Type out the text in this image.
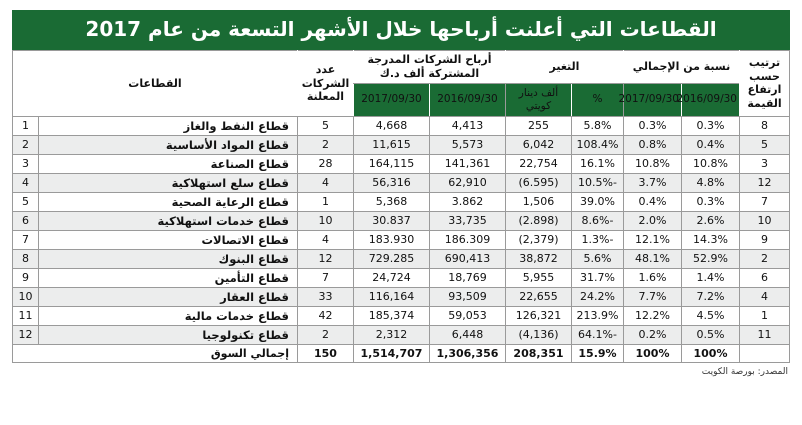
القطاعات التي أعلنت أرباحها خلال الأشهر التسعة من عام 2017
ترتيب حسب ارتفاع القيمة	نسبة من الإجمالي		التغير		أرباح الشركات المدرجة المشتركة ألف د.ك		عدد الشركات المعلنة	القطاعات	
	2016/09/30	2017/09/30	%	ألف دينار كويتي	2016/09/30	2017/09/30			
8	0.3%	0.3%	5.8%	255	4,413	4,668	5	قطاع النفط والغاز	1
5	0.4%	0.8%	108.4%	6,042	5,573	11,615	2	قطاع المواد الأساسية	2
3	10.8%	10.8%	16.1%	22,754	141,361	164,115	28	قطاع الصناعة	3
12	4.8%	3.7%	-10.5%	(6.595)	62,910	56,316	4	قطاع سلع استهلاكية	4
7	0.3%	0.4%	39.0%	1,506	3.862	5,368	1	قطاع الرعاية الصحية	5
10	2.6%	2.0%	-8.6%	(2.898)	33,735	30.837	10	قطاع خدمات استهلاكية	6
9	14.3%	12.1%	-1.3%	(2,379)	186.309	183.930	4	قطاع الاتصالات	7
2	52.9%	48.1%	5.6%	38,872	690,413	729.285	12	قطاع البنوك	8
6	1.4%	1.6%	31.7%	5,955	18,769	24,724	7	قطاع التأمين	9
4	7.2%	7.7%	24.2%	22,655	93,509	116,164	33	قطاع العقار	10
1	4.5%	12.2%	213.9%	126,321	59,053	185,374	42	قطاع خدمات مالية	11
11	0.5%	0.2%	-64.1%	(4,136)	6,448	2,312	2	قطاع تكنولوجيا	12
	100%	100%	15.9%	208,351	1,306,356	1,514,707	150	إجمالي السوق	
المصدر: بورصة الكويت
